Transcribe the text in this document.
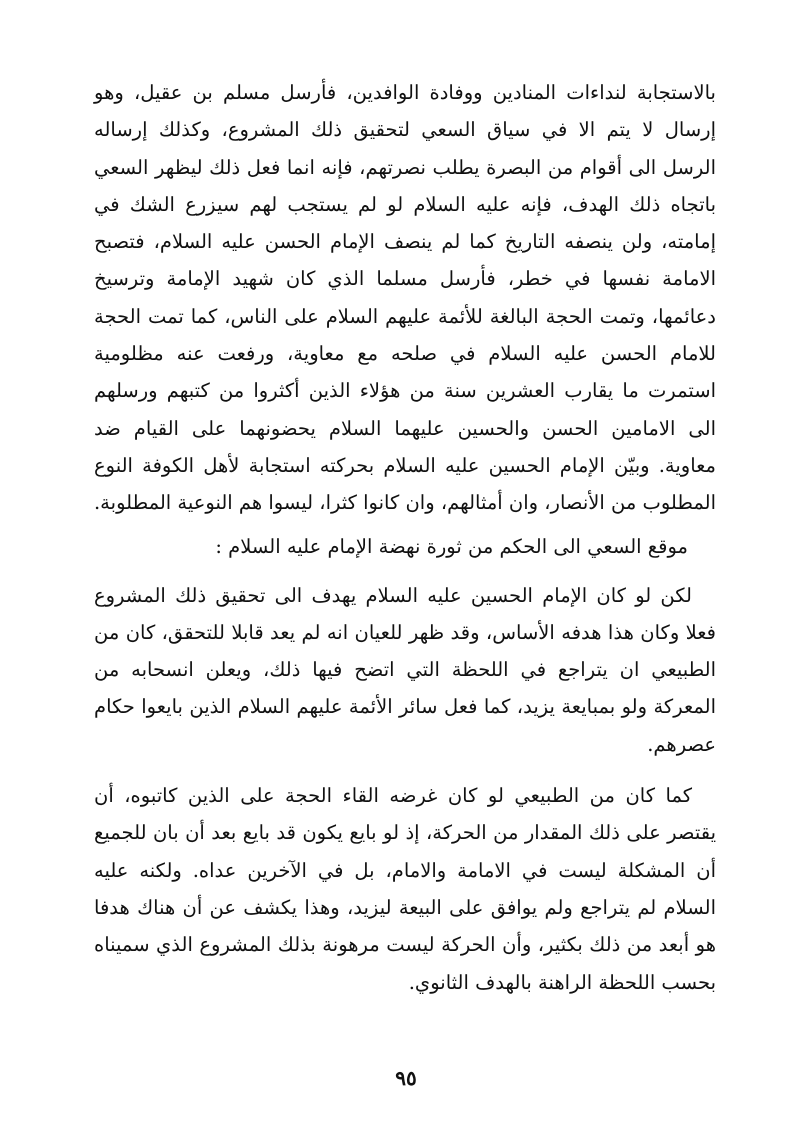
بالاستجابة لنداءات المنادين ووفادة الوافدين، فأرسل مسلم بن عقيل، وهو إرسال لا يتم الا في سياق السعي لتحقيق ذلك المشروع، وكذلك إرساله الرسل الى أقوام من البصرة يطلب نصرتهم، فإنه انما فعل ذلك ليظهر السعي باتجاه ذلك الهدف، فإنه عليه السلام لو لم يستجب لهم سيزرع الشك في إمامته، ولن ينصفه التاريخ كما لم ينصف الإمام الحسن عليه السلام، فتصبح الامامة نفسها في خطر، فأرسل مسلما الذي كان شهيد الإمامة وترسيخ دعائمها، وتمت الحجة البالغة للأئمة عليهم السلام على الناس، كما تمت الحجة للامام الحسن عليه السلام في صلحه مع معاوية، ورفعت عنه مظلومية استمرت ما يقارب العشرين سنة من هؤلاء الذين أكثروا من كتبهم ورسلهم الى الامامين الحسن والحسين عليهما السلام يحضونهما على القيام ضد معاوية. وبيّن الإمام الحسين عليه السلام بحركته استجابة لأهل الكوفة النوع المطلوب من الأنصار، وان أمثالهم، وان كانوا كثرا، ليسوا هم النوعية المطلوبة.

موقع السعي الى الحكم من ثورة نهضة الإمام عليه السلام :

لكن لو كان الإمام الحسين عليه السلام يهدف الى تحقيق ذلك المشروع فعلا وكان هذا هدفه الأساس، وقد ظهر للعيان انه لم يعد قابلا للتحقق، كان من الطبيعي ان يتراجع في اللحظة التي اتضح فيها ذلك، ويعلن انسحابه من المعركة ولو بمبايعة يزيد، كما فعل سائر الأئمة عليهم السلام الذين بايعوا حكام عصرهم.

كما كان من الطبيعي لو كان غرضه القاء الحجة على الذين كاتبوه، أن يقتصر على ذلك المقدار من الحركة، إذ لو بايع يكون قد بايع بعد أن بان للجميع أن المشكلة ليست في الامامة والامام، بل في الآخرين عداه. ولكنه عليه السلام لم يتراجع ولم يوافق على البيعة ليزيد، وهذا يكشف عن أن هناك هدفا هو أبعد من ذلك بكثير، وأن الحركة ليست مرهونة بذلك المشروع الذي سميناه بحسب اللحظة الراهنة بالهدف الثانوي.

٩٥
